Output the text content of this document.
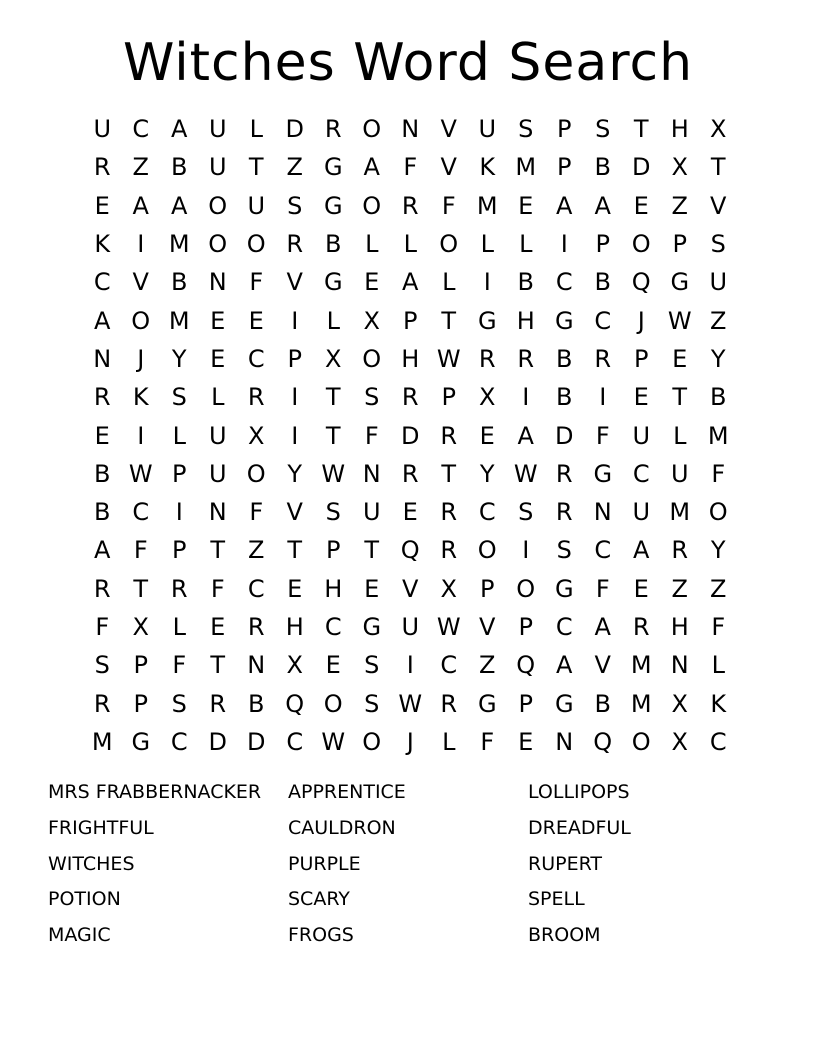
Witches Word Search
U C A U L D R O N V U S P S T H X
R Z B U T Z G A F V K M P B D X T
E A A O U S G O R F M E A A E Z V
K	I	M O O R B L	L O L	L	I	P O P S
C V B N F V G E A L	I	B C B Q G U
A O M E E	I	L X P T G H G C	J W Z
N	J	Y E C P X O H W R R B R P E Y
R K S	L R	I	T S R P X	I	B	I	E T B
E	I	L U X	I	T	F D R E A D F U L M
B W P U O Y W N R T Y W R G C U F
B C	I	N F V S U E R C S R N U M O
A F	P T Z T P T Q R O	I	S C A R Y
R T R F C E H E V X P O G F	E Z Z
F X L	E R H C G U W V P C A R H F
S P	F	T N X E S	I	C Z Q A V M N L
R P S R B Q O S W R G P G B M X K
M G C D D C W O	J	L	F	E N Q O X C
MRS FRABBERNACKER	APPRENTICE	LOLLIPOPS
FRIGHTFUL	CAULDRON	DREADFUL
WITCHES	PURPLE	RUPERT
POTION	SCARY	SPELL
MAGIC	FROGS	BROOM
